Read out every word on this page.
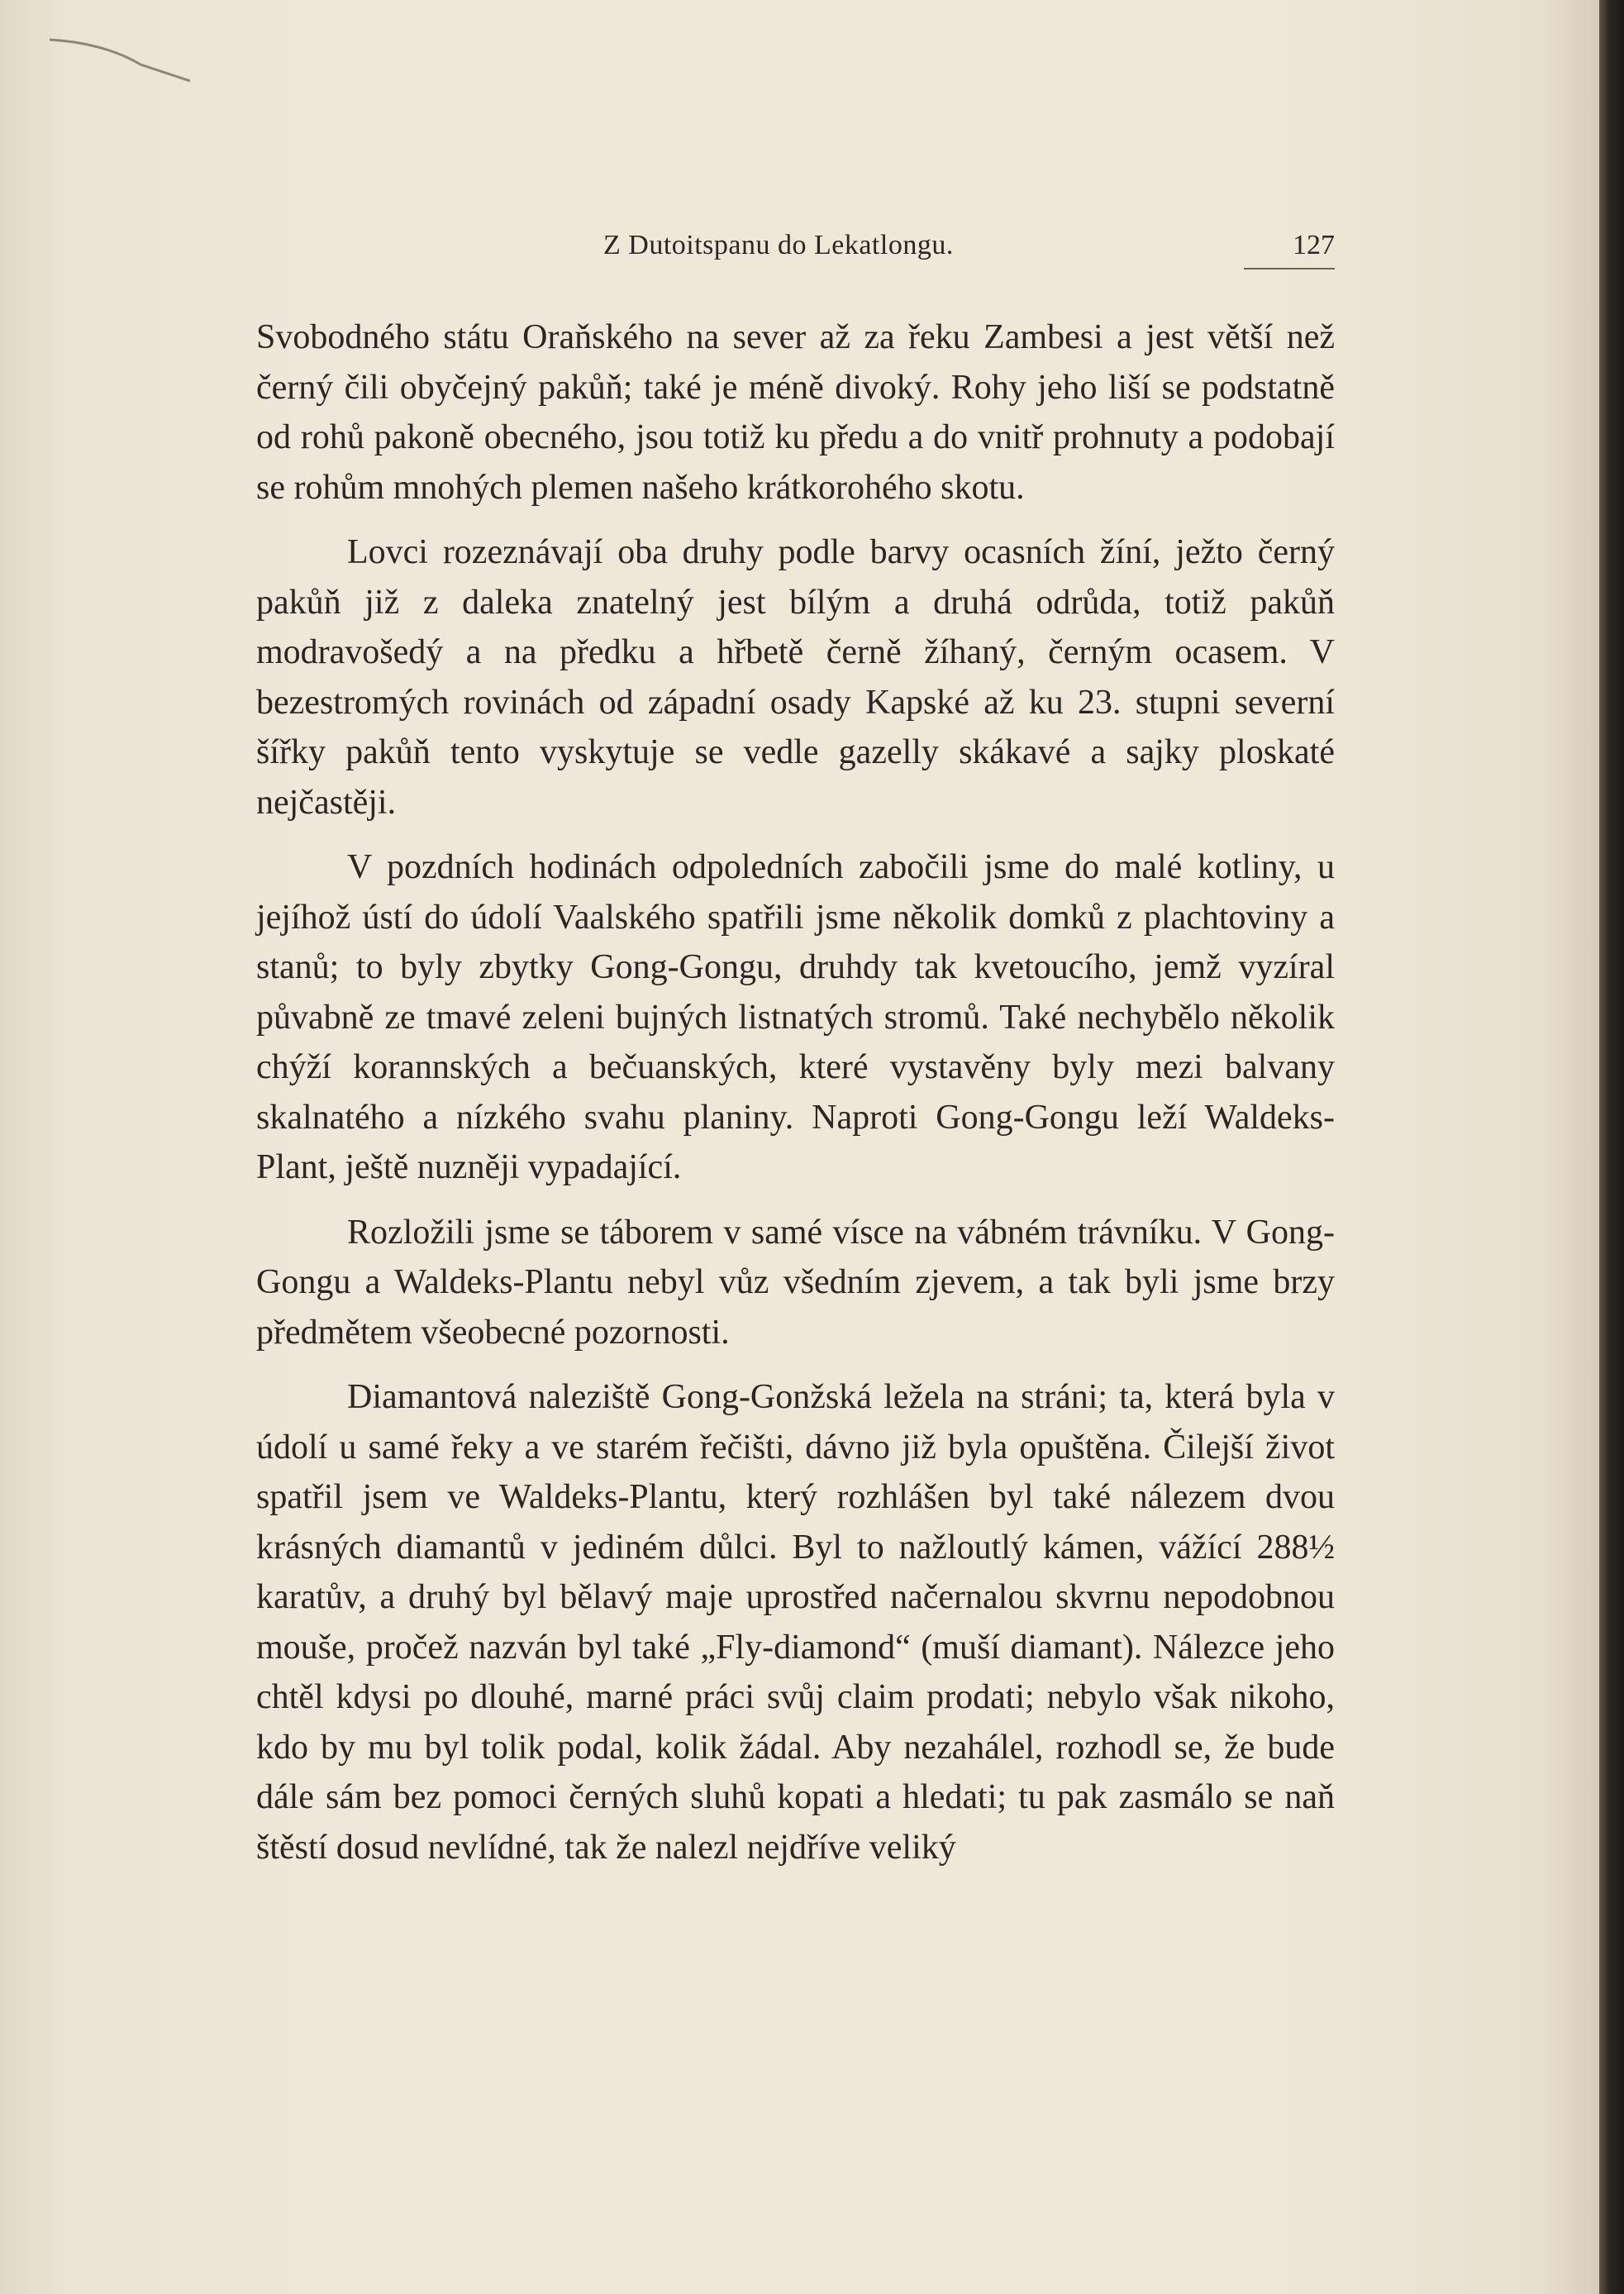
Z Dutoitspanu do Lekatlongu.	127

Svobodného státu Oraňského na sever až za řeku Zambesi a jest větší než černý čili obyčejný pakůň; také je méně divoký. Rohy jeho liší se podstatně od rohů pakoně obecného, jsou totiž ku předu a do vnitř prohnuty a podobají se rohům mnohých plemen našeho krátkorohého skotu.

Lovci rozeznávají oba druhy podle barvy ocasních žíní, ježto černý pakůň již z daleka znatelný jest bílým a druhá odrůda, totiž pakůň modravošedý a na předku a hřbetě černě žíhaný, černým ocasem. V bezestromých rovinách od západní osady Kapské až ku 23. stupni severní šířky pakůň tento vyskytuje se vedle gazelly skákavé a sajky ploskaté nejčastěji.

V pozdních hodinách odpoledních zabočili jsme do malé kotliny, u jejíhož ústí do údolí Vaalského spatřili jsme několik domků z plachtoviny a stanů; to byly zbytky Gong-Gongu, druhdy tak kvetoucího, jemž vyzíral půvabně ze tmavé zeleni bujných listnatých stromů. Také nechybělo několik chýží korannských a bečuanských, které vystavěny byly mezi balvany skalnatého a nízkého svahu planiny. Naproti Gong-Gongu leží Waldeks-Plant, ještě nuzněji vypadající.

Rozložili jsme se táborem v samé vísce na vábném trávníku. V Gong-Gongu a Waldeks-Plantu nebyl vůz všedním zjevem, a tak byli jsme brzy předmětem všeobecné pozornosti.

Diamantová naleziště Gong-Gonžská ležela na stráni; ta, která byla v údolí u samé řeky a ve starém řečišti, dávno již byla opuštěna. Čilejší život spatřil jsem ve Waldeks-Plantu, který rozhlášen byl také nálezem dvou krásných diamantů v jediném důlci. Byl to nažloutlý kámen, vážící 288½ karatův, a druhý byl bělavý maje uprostřed načernalou skvrnu nepodobnou mouše, pročež nazván byl také „Fly-diamond“ (muší diamant). Nálezce jeho chtěl kdysi po dlouhé, marné práci svůj claim prodati; nebylo však nikoho, kdo by mu byl tolik podal, kolik žádal. Aby nezahálel, rozhodl se, že bude dále sám bez pomoci černých sluhů kopati a hledati; tu pak zasmálo se naň štěstí dosud nevlídné, tak že nalezl nejdříve veliký
